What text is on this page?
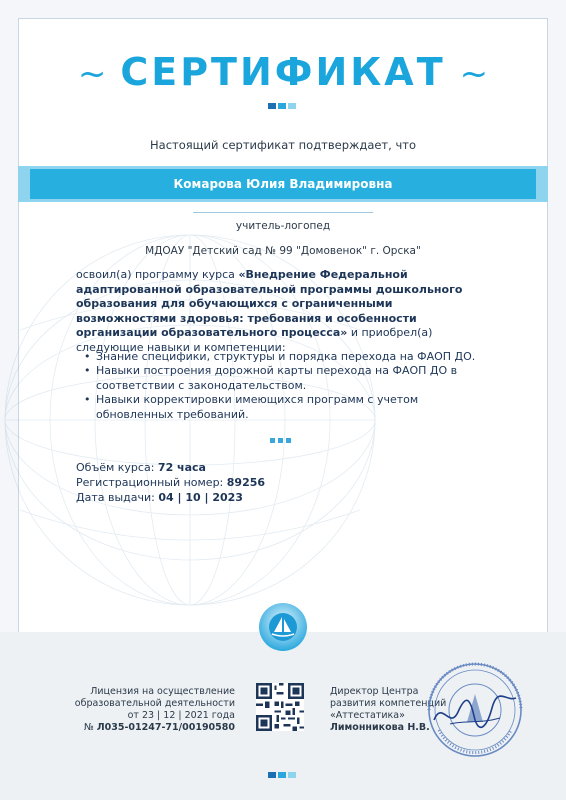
~ СЕРТИФИКАТ ~
Настоящий сертификат подтверждает, что
Комарова Юлия Владимировна
учитель-логопед
МДОАУ "Детский сад № 99 "Домовенок" г. Орска"
освоил(а) программу курса «Внедрение Федеральной адаптированной образовательной программы дошкольного образования для обучающихся с ограниченными возможностями здоровья: требования и особенности организации образовательного процесса» и приобрел(а) следующие навыки и компетенции:
• Знание специфики, структуры и порядка перехода на ФАОП ДО.
• Навыки построения дорожной карты перехода на ФАОП ДО в соответствии с законодательством.
• Навыки корректировки имеющихся программ с учетом обновленных требований.
Объём курса: 72 часа
Регистрационный номер: 89256
Дата выдачи: 04 | 10 | 2023
Лицензия на осуществление
образовательной деятельности
от 23 | 12 | 2021 года
№ Л035-01247-71/00190580
Директор Центра
развития компетенций
«Аттестатика»
Лимонникова Н.В.
